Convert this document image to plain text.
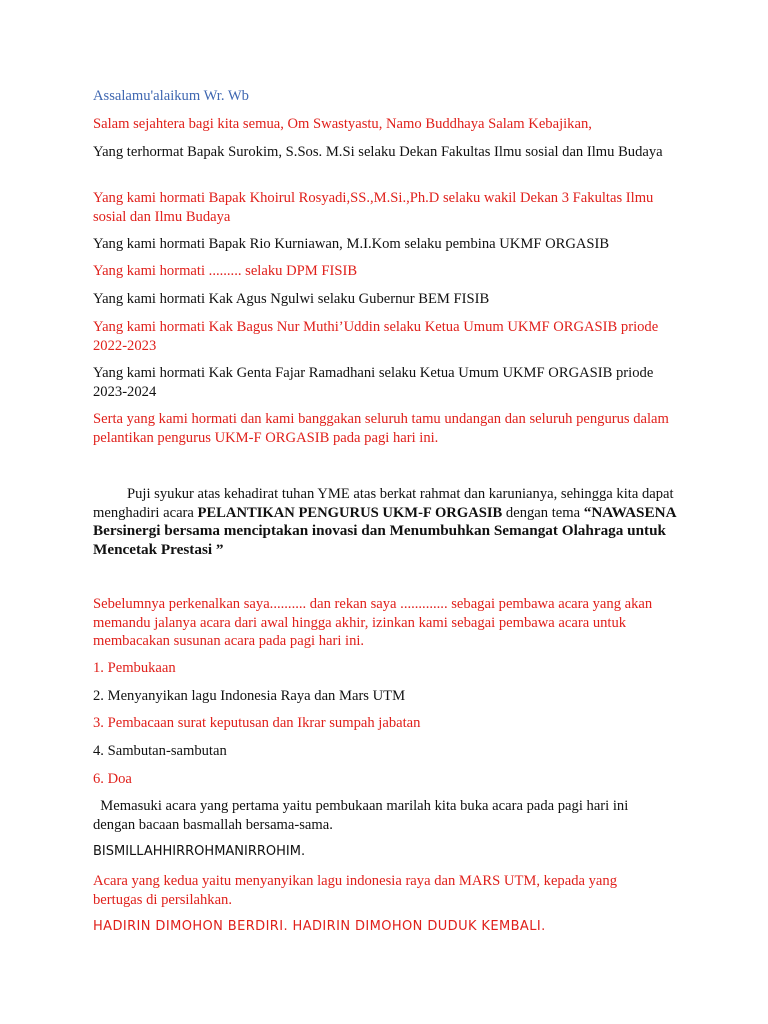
Assalamu'alaikum Wr. Wb

Salam sejahtera bagi kita semua, Om Swastyastu, Namo Buddhaya Salam Kebajikan,

Yang terhormat Bapak Surokim, S.Sos. M.Si selaku Dekan Fakultas Ilmu sosial dan Ilmu Budaya

Yang kami hormati Bapak Khoirul Rosyadi,SS.,M.Si.,Ph.D selaku wakil Dekan 3 Fakultas Ilmu sosial dan Ilmu Budaya

Yang kami hormati Bapak Rio Kurniawan, M.I.Kom selaku pembina UKMF ORGASIB

Yang kami hormati ......... selaku DPM FISIB

Yang kami hormati Kak Agus Ngulwi selaku Gubernur BEM FISIB

Yang kami hormati Kak Bagus Nur Muthi’Uddin selaku Ketua Umum UKMF ORGASIB priode 2022-2023

Yang kami hormati Kak Genta Fajar Ramadhani selaku Ketua Umum UKMF ORGASIB priode 2023-2024

Serta yang kami hormati dan kami banggakan seluruh tamu undangan dan seluruh pengurus dalam pelantikan pengurus UKM-F ORGASIB pada pagi hari ini.

Puji syukur atas kehadirat tuhan YME atas berkat rahmat dan karunianya, sehingga kita dapat menghadiri acara PELANTIKAN PENGURUS UKM-F ORGASIB dengan tema “NAWASENA Bersinergi bersama menciptakan inovasi dan Menumbuhkan Semangat Olahraga untuk Mencetak Prestasi ”

Sebelumnya perkenalkan saya.......... dan rekan saya ............. sebagai pembawa acara yang akan memandu jalanya acara dari awal hingga akhir, izinkan kami sebagai pembawa acara untuk membacakan susunan acara pada pagi hari ini.

1. Pembukaan

2. Menyanyikan lagu Indonesia Raya dan Mars UTM

3. Pembacaan surat keputusan dan Ikrar sumpah jabatan

4. Sambutan-sambutan

6. Doa

Memasuki acara yang pertama yaitu pembukaan marilah kita buka acara pada pagi hari ini dengan bacaan basmallah bersama-sama.

BISMILLAHHIRROHMANIRROHIM.

Acara yang kedua yaitu menyanyikan lagu indonesia raya dan MARS UTM, kepada yang bertugas di persilahkan.

HADIRIN DIMOHON BERDIRI. HADIRIN DIMOHON DUDUK KEMBALI.
